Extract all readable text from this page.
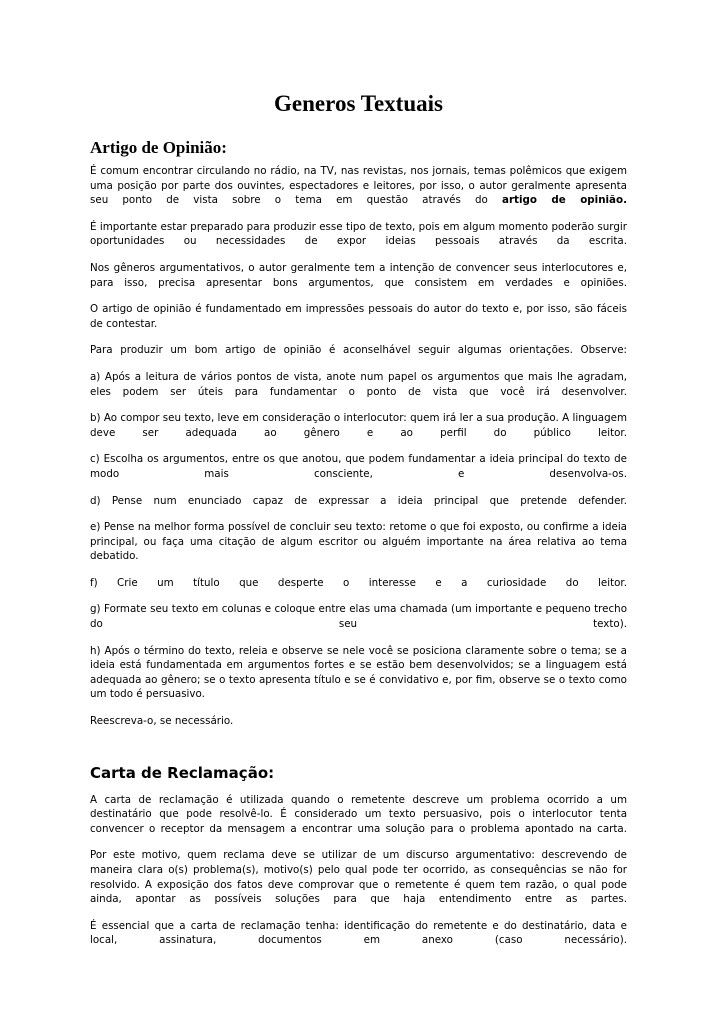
Generos Textuais
Artigo de Opinião:

É comum encontrar circulando no rádio, na TV, nas revistas, nos jornais, temas polêmicos que exigem uma posição por parte dos ouvintes, espectadores e leitores, por isso, o autor geralmente apresenta seu ponto de vista sobre o tema em questão através do artigo de opinião.

É importante estar preparado para produzir esse tipo de texto, pois em algum momento poderão surgir oportunidades ou necessidades de expor ideias pessoais através da escrita.

Nos gêneros argumentativos, o autor geralmente tem a intenção de convencer seus interlocutores e, para isso, precisa apresentar bons argumentos, que consistem em verdades e opiniões.

O artigo de opinião é fundamentado em impressões pessoais do autor do texto e, por isso, são fáceis de contestar.

Para produzir um bom artigo de opinião é aconselhável seguir algumas orientações. Observe:

a) Após a leitura de vários pontos de vista, anote num papel os argumentos que mais lhe agradam, eles podem ser úteis para fundamentar o ponto de vista que você irá desenvolver.

b) Ao compor seu texto, leve em consideração o interlocutor: quem irá ler a sua produção. A linguagem deve ser adequada ao gênero e ao perfil do público leitor.

c) Escolha os argumentos, entre os que anotou, que podem fundamentar a ideia principal do texto de modo mais consciente, e desenvolva-os.

d) Pense num enunciado capaz de expressar a ideia principal que pretende defender.

e) Pense na melhor forma possível de concluir seu texto: retome o que foi exposto, ou confirme a ideia principal, ou faça uma citação de algum escritor ou alguém importante na área relativa ao tema debatido.

f) Crie um título que desperte o interesse e a curiosidade do leitor.

g) Formate seu texto em colunas e coloque entre elas uma chamada (um importante e pequeno trecho do seu texto).

h) Após o término do texto, releia e observe se nele você se posiciona claramente sobre o tema; se a ideia está fundamentada em argumentos fortes e se estão bem desenvolvidos; se a linguagem está adequada ao gênero; se o texto apresenta título e se é convidativo e, por fim, observe se o texto como um todo é persuasivo.

Reescreva-o, se necessário.

Carta de Reclamação:

A carta de reclamação é utilizada quando o remetente descreve um problema ocorrido a um destinatário que pode resolvê-lo. É considerado um texto persuasivo, pois o interlocutor tenta convencer o receptor da mensagem a encontrar uma solução para o problema apontado na carta.

Por este motivo, quem reclama deve se utilizar de um discurso argumentativo: descrevendo de maneira clara o(s) problema(s), motivo(s) pelo qual pode ter ocorrido, as consequências se não for resolvido. A exposição dos fatos deve comprovar que o remetente é quem tem razão, o qual pode ainda, apontar as possíveis soluções para que haja entendimento entre as partes.

É essencial que a carta de reclamação tenha: identificação do remetente e do destinatário, data e local, assinatura, documentos em anexo (caso necessário).
